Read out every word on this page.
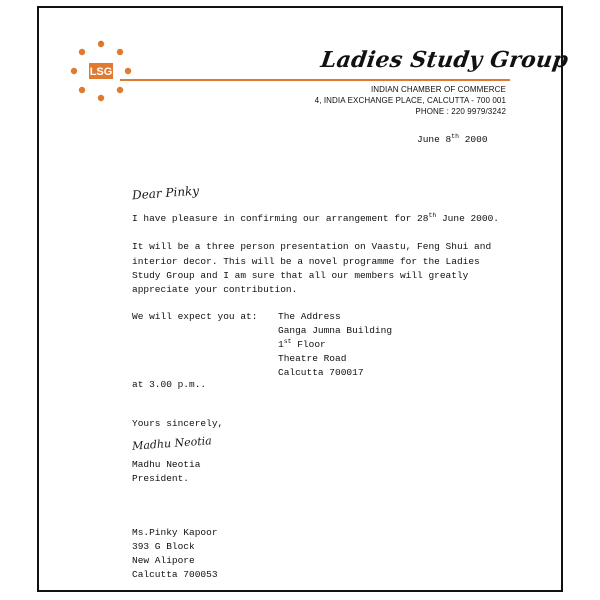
LSG	Ladies Study Group
INDIAN CHAMBER OF COMMERCE
4, INDIA EXCHANGE PLACE, CALCUTTA - 700 001
PHONE : 220 9979/3242
June 8th 2000
Dear Pinky
I have pleasure in confirming our arrangement for 28th June 2000.
It will be a three person presentation on Vaastu, Feng Shui and
interior decor. This will be a novel programme for the Ladies
Study Group and I am sure that all our members will greatly
appreciate your contribution.
We will expect you at: The Address
Ganga Jumna Building
1st Floor
Theatre Road
Calcutta 700017
at 3.00 p.m..
Yours sincerely,
Madhu Neotia
Madhu Neotia
President.
Ms.Pinky Kapoor
393 G Block
New Alipore
Calcutta 700053
